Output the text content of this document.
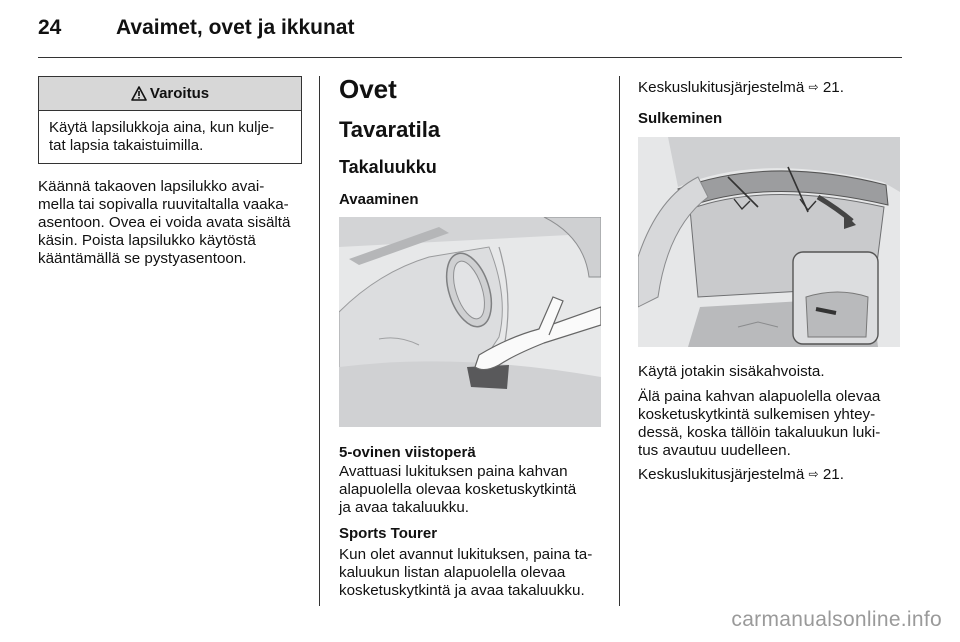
24	Avaimet, ovet ja ikkunat
Varoitus
Käytä lapsilukkoja aina, kun kulje-
tat lapsia takaistuimilla.
Käännä takaoven lapsilukko avai-
mella tai sopivalla ruuvitaltalla vaaka-
asentoon. Ovea ei voida avata sisältä
käsin. Poista lapsilukko käytöstä
kääntämällä se pystyasentoon.
Ovet
Tavaratila
Takaluukku
Avaaminen
5-ovinen viistoperä
Avattuasi lukituksen paina kahvan
alapuolella olevaa kosketuskytkintä
ja avaa takaluukku.
Sports Tourer
Kun olet avannut lukituksen, paina ta-
kaluukun listan alapuolella olevaa
kosketuskytkintä ja avaa takaluukku.
Keskuslukitusjärjestelmä ⇨ 21.
Sulkeminen
Käytä jotakin sisäkahvoista.
Älä paina kahvan alapuolella olevaa
kosketuskytkintä sulkemisen yhtey-
dessä, koska tällöin takaluukun luki-
tus avautuu uudelleen.
Keskuslukitusjärjestelmä ⇨ 21.
carmanualsonline.info
